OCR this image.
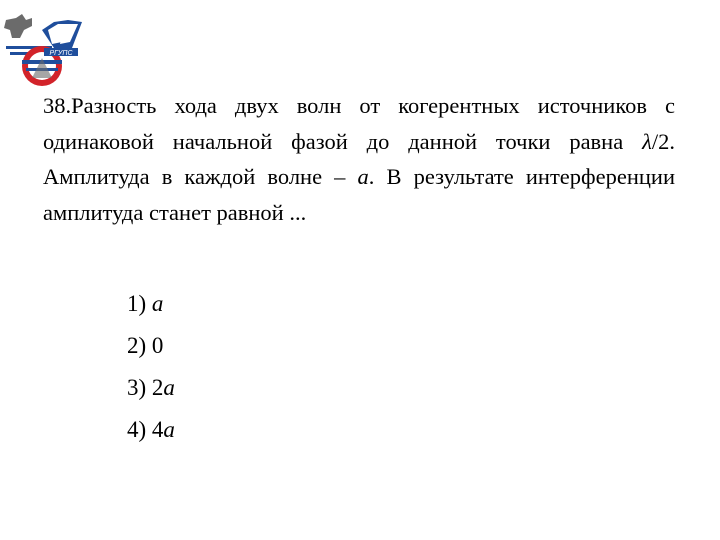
РГУПС
38.Разность хода двух волн от когерентных источников с одинаковой начальной фазой до данной точки равна λ/2. Амплитуда в каждой волне – a. В результате интерференции амплитуда станет равной ...
1) a
2) 0
3) 2a
4) 4a
